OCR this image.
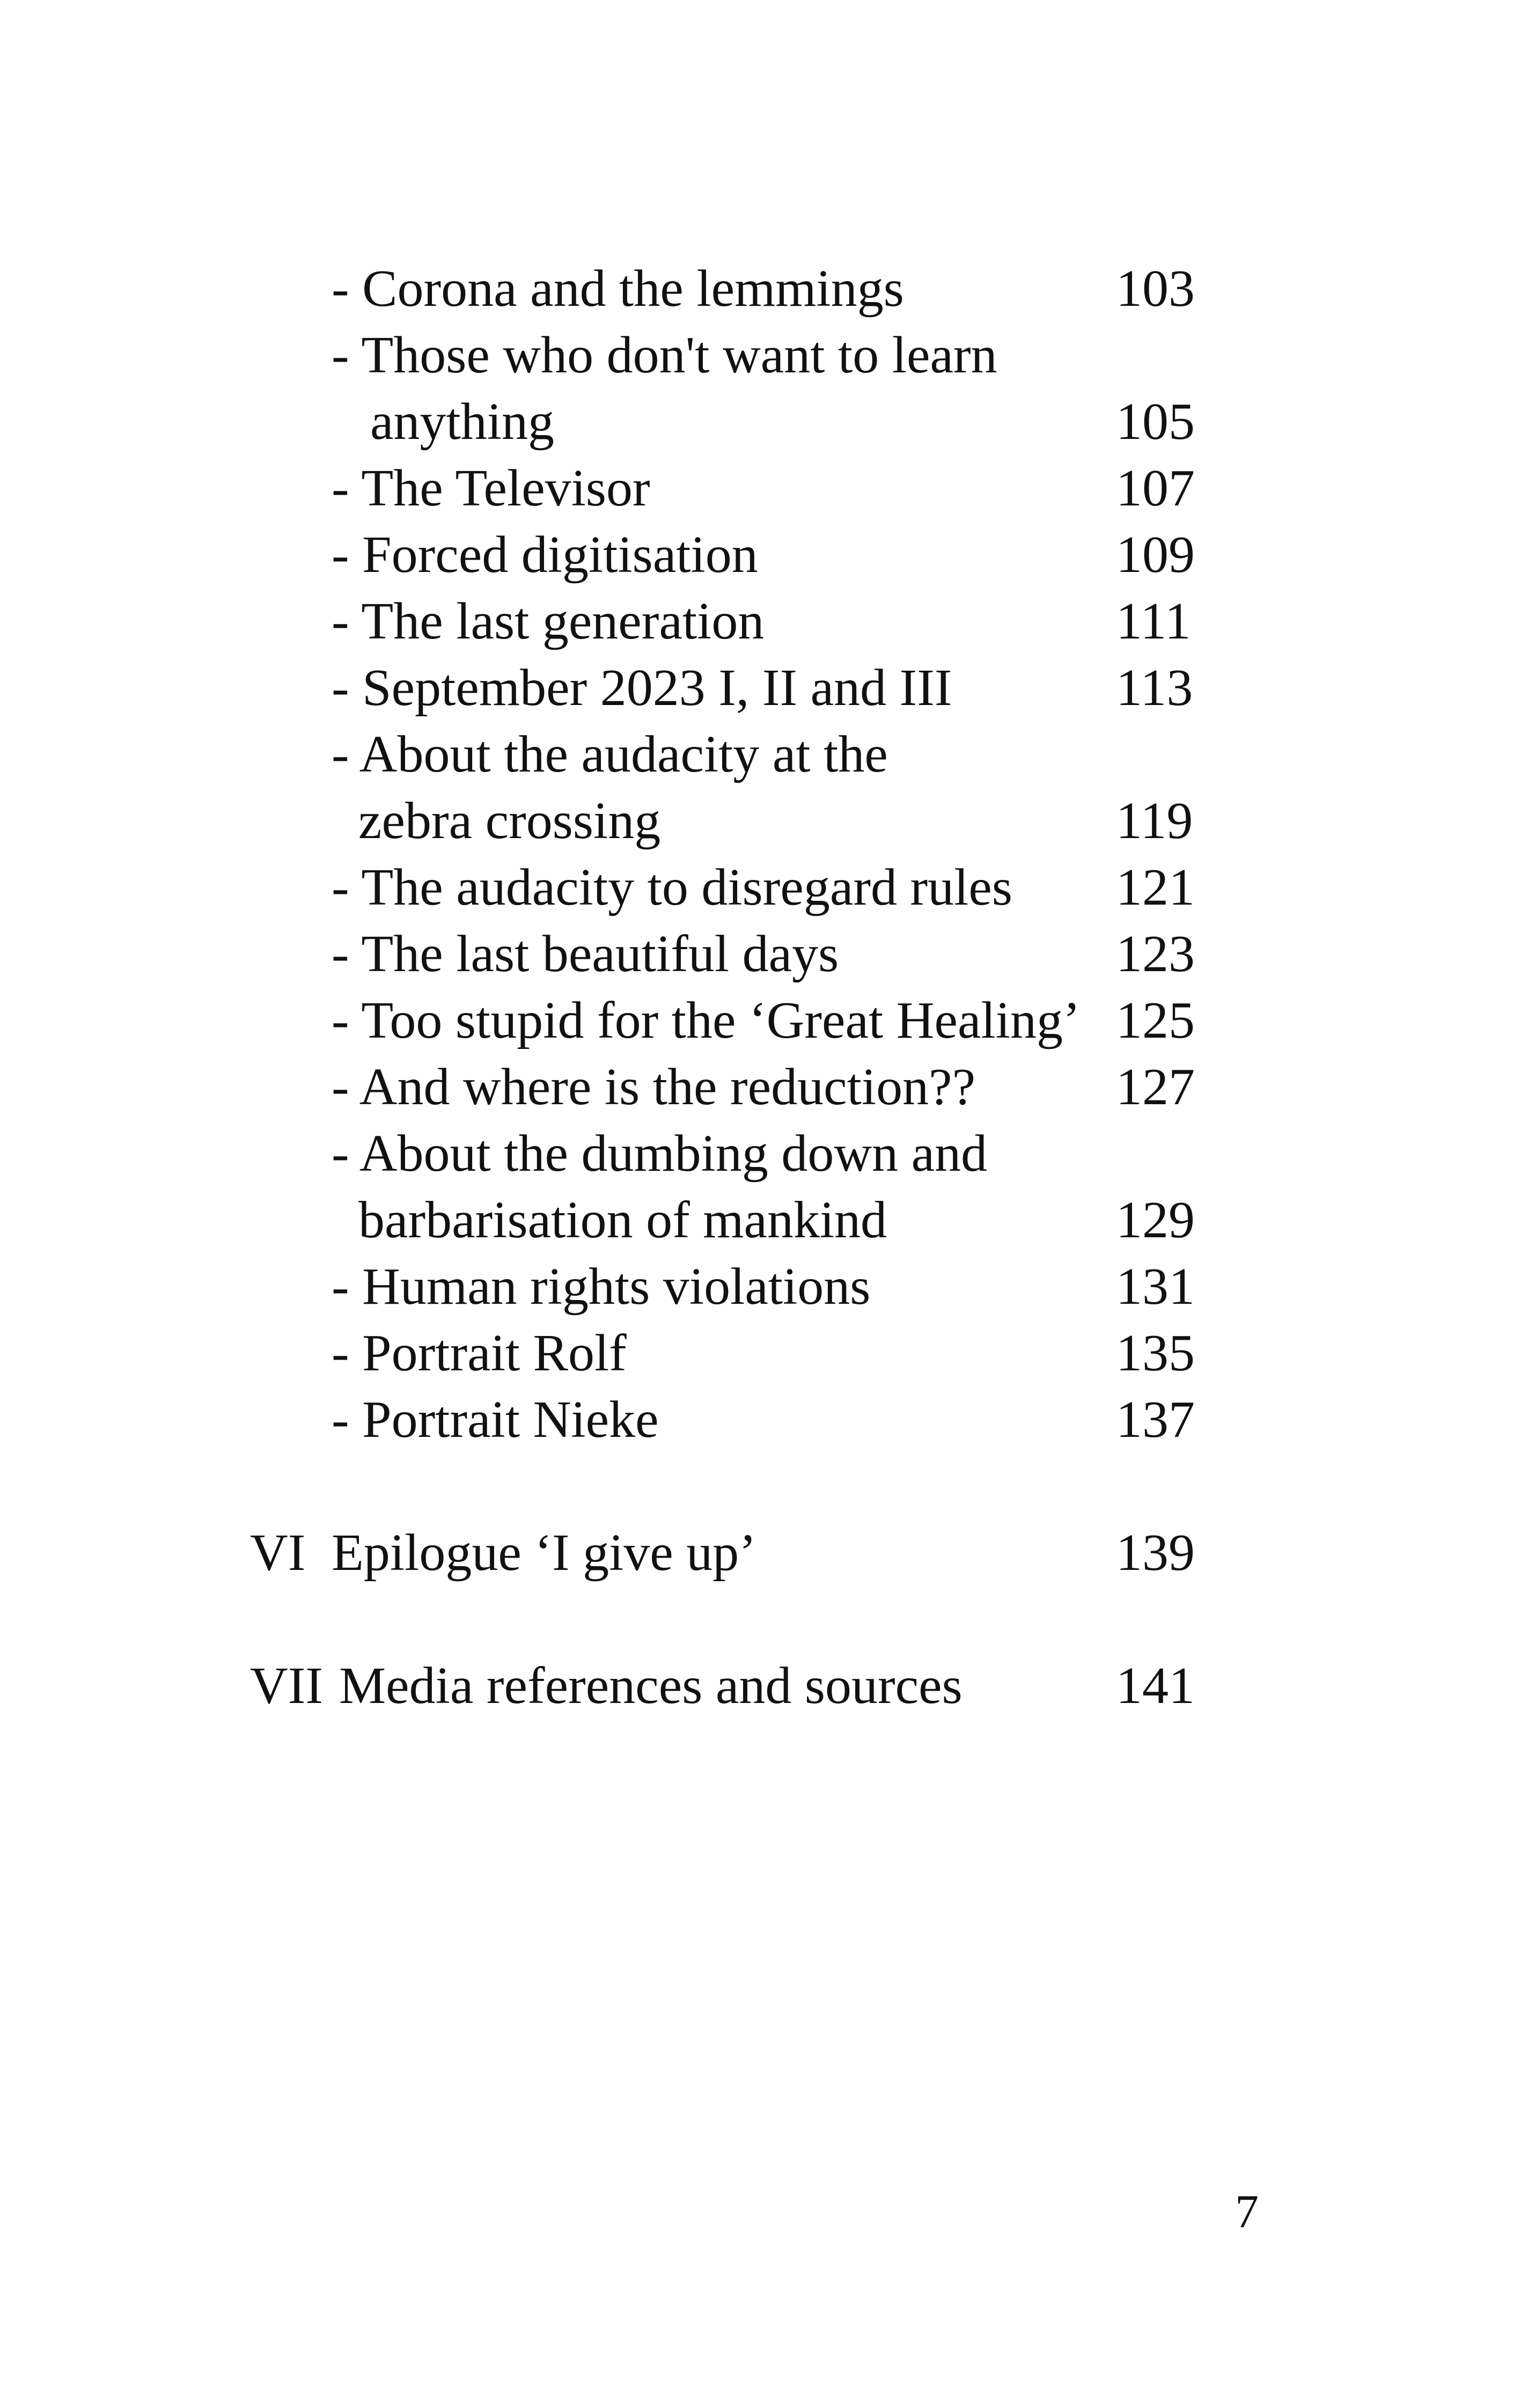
- Corona and the lemmings	103
- Those who don't want to learn
anything	105
- The Televisor	107
- Forced digitisation	109
- The last generation	111
- September 2023 I, II and III	113
- About the audacity at the
zebra crossing	119
- The audacity to disregard rules 121
- The last beautiful days	123
- Too stupid for the ‘Great Healing’ 125
- And where is the reduction??	127
- About the dumbing down and
barbarisation of mankind	129
- Human rights violations	131
- Portrait Rolf	135
- Portrait Nieke	137
VI Epilogue ‘I give up’	139
VII Media references and sources	141
7
